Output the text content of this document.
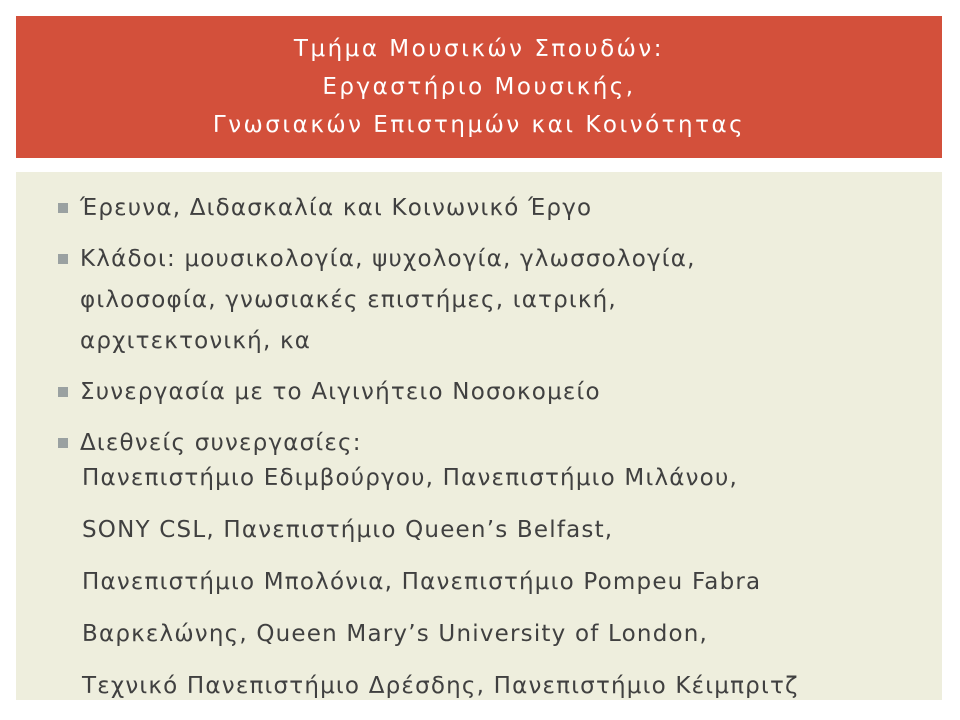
Τμήμα Μουσικών Σπουδών:
Εργαστήριο Μουσικής,
Γνωσιακών Επιστημών και Κοινότητας
Έρευνα, Διδασκαλία και Κοινωνικό Έργο
Κλάδοι: μουσικολογία, ψυχολογία, γλωσσολογία,
φιλοσοφία, γνωσιακές επιστήμες, ιατρική,
αρχιτεκτονική, κα
Συνεργασία με το Αιγινήτειο Νοσοκομείο
Διεθνείς συνεργασίες:
Πανεπιστήμιο Εδιμβούργου, Πανεπιστήμιο Μιλάνου,
SONY CSL, Πανεπιστήμιο Queen’s Belfast,
Πανεπιστήμιο Μπολόνια, Πανεπιστήμιο Pompeu Fabra
Βαρκελώνης, Queen Mary’s University of London,
Τεχνικό Πανεπιστήμιο Δρέσδης, Πανεπιστήμιο Κέιμπριτζ
